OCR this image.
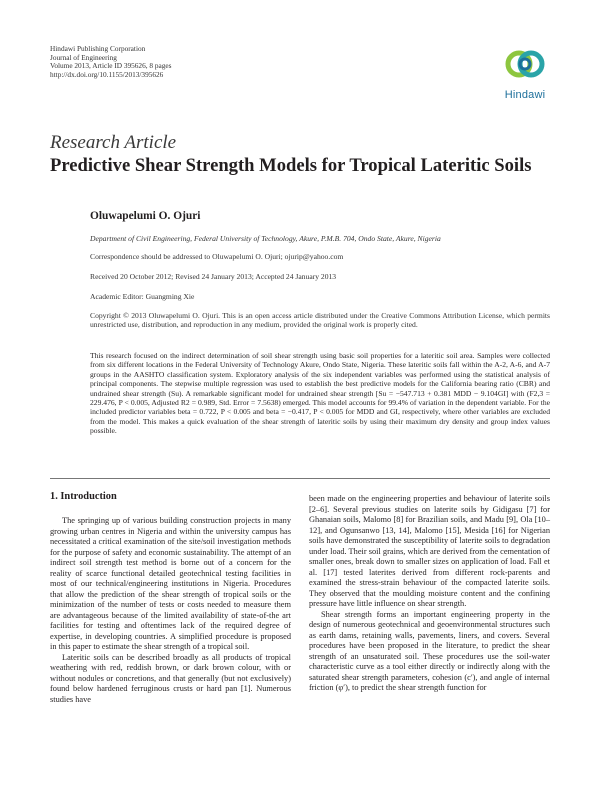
Hindawi Publishing Corporation
Journal of Engineering
Volume 2013, Article ID 395626, 8 pages
http://dx.doi.org/10.1155/2013/395626
Hindawi
Research Article
Predictive Shear Strength Models for Tropical Lateritic Soils
Oluwapelumi O. Ojuri
Department of Civil Engineering, Federal University of Technology, Akure, P.M.B. 704, Ondo State, Akure, Nigeria
Correspondence should be addressed to Oluwapelumi O. Ojuri; ojurip@yahoo.com
Received 20 October 2012; Revised 24 January 2013; Accepted 24 January 2013
Academic Editor: Guangming Xie
Copyright © 2013 Oluwapelumi O. Ojuri. This is an open access article distributed under the Creative Commons Attribution License, which permits unrestricted use, distribution, and reproduction in any medium, provided the original work is properly cited.
This research focused on the indirect determination of soil shear strength using basic soil properties for a lateritic soil area. Samples were collected from six different locations in the Federal University of Technology Akure, Ondo State, Nigeria. These lateritic soils fall within the A-2, A-6, and A-7 groups in the AASHTO classification system. Exploratory analysis of the six independent variables was performed using the statistical analysis of principal components. The stepwise multiple regression was used to establish the best predictive models for the California bearing ratio (CBR) and undrained shear strength (Su). A remarkable significant model for undrained shear strength [Su = −547.713 + 0.381 MDD − 9.104GI] with (F2,3 = 229.476, P < 0.005, Adjusted R2 = 0.989, Std. Error = 7.5638) emerged. This model accounts for 99.4% of variation in the dependent variable. For the included predictor variables beta = 0.722, P < 0.005 and beta = −0.417, P < 0.005 for MDD and GI, respectively, where other variables are excluded from the model. This makes a quick evaluation of the shear strength of lateritic soils by using their maximum dry density and group index values possible.
1. Introduction

The springing up of various building construction projects in many growing urban centres in Nigeria and within the university campus has necessitated a critical examination of the site/soil investigation methods for the purpose of safety and economic sustainability. The attempt of an indirect soil strength test method is borne out of a concern for the reality of scarce functional detailed geotechnical testing facilities in most of our technical/engineering institutions in Nigeria. Procedures that allow the prediction of the shear strength of tropical soils or the minimization of the number of tests or costs needed to measure them are advantageous because of the limited availability of state-of-the art facilities for testing and oftentimes lack of the required degree of expertise, in developing countries. A simplified procedure is proposed in this paper to estimate the shear strength of a tropical soil.

Lateritic soils can be described broadly as all products of tropical weathering with red, reddish brown, or dark brown colour, with or without nodules or concretions, and that generally (but not exclusively) found below hardened ferruginous crusts or hard pan [1]. Numerous studies have

been made on the engineering properties and behaviour of laterite soils [2–6]. Several previous studies on laterite soils by Gidigasu [7] for Ghanaian soils, Malomo [8] for Brazilian soils, and Madu [9], Ola [10–12], and Ogunsanwo [13, 14], Malomo [15], Mesida [16] for Nigerian soils have demonstrated the susceptibility of laterite soils to degradation under load. Their soil grains, which are derived from the cementation of smaller ones, break down to smaller sizes on application of load. Fall et al. [17] tested laterites derived from different rock-parents and examined the stress-strain behaviour of the compacted laterite soils. They observed that the moulding moisture content and the confining pressure have little influence on shear strength.

Shear strength forms an important engineering property in the design of numerous geotechnical and geoenvironmental structures such as earth dams, retaining walls, pavements, liners, and covers. Several procedures have been proposed in the literature, to predict the shear strength of an unsaturated soil. These procedures use the soil-water characteristic curve as a tool either directly or indirectly along with the saturated shear strength parameters, cohesion (c′), and angle of internal friction (φ′), to predict the shear strength function for
